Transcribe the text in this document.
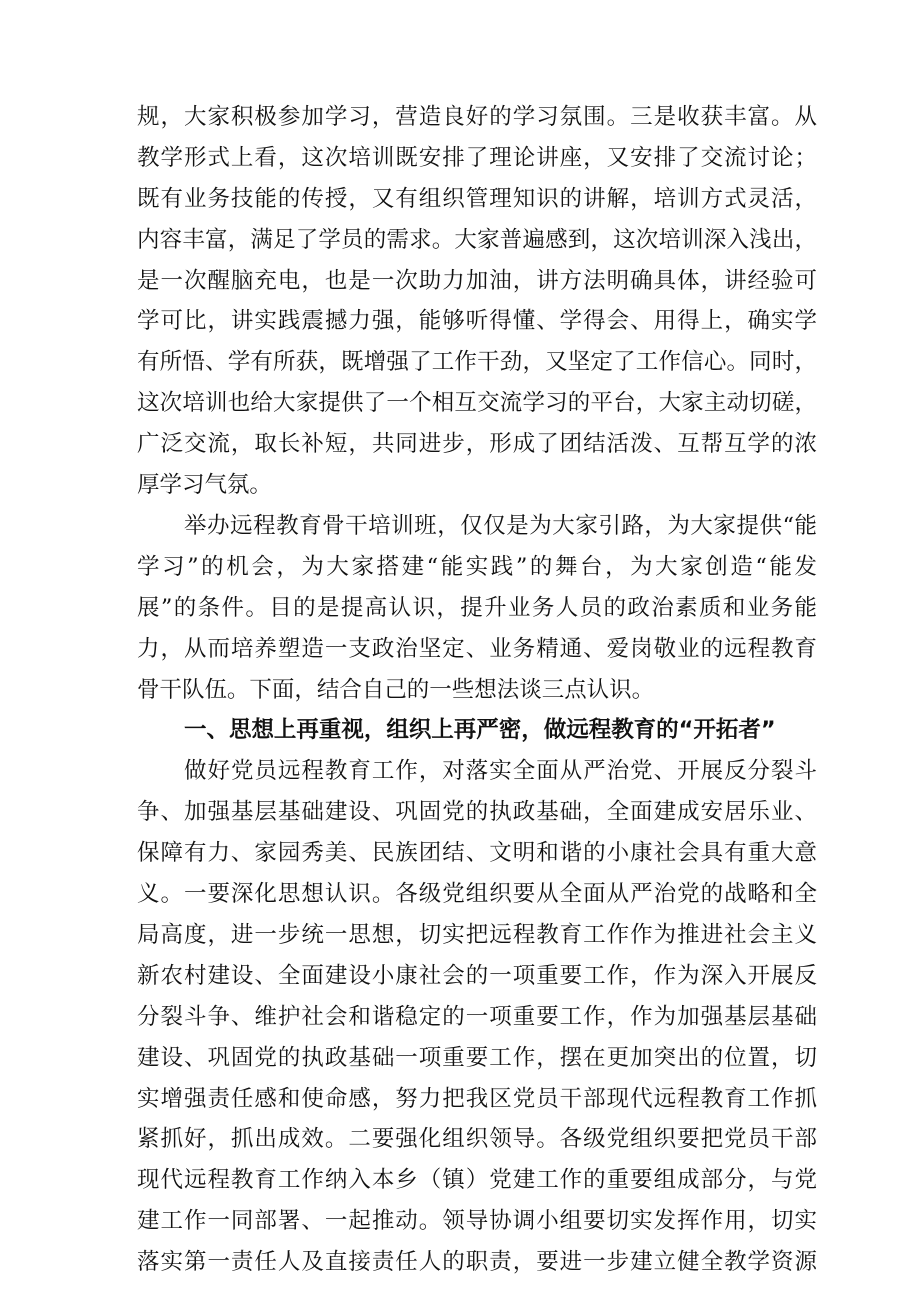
规，大家积极参加学习，营造良好的学习氛围。三是收获丰富。从
教学形式上看，这次培训既安排了理论讲座，又安排了交流讨论；
既有业务技能的传授，又有组织管理知识的讲解，培训方式灵活，
内容丰富，满足了学员的需求。大家普遍感到，这次培训深入浅出，
是一次醒脑充电，也是一次助力加油，讲方法明确具体，讲经验可
学可比，讲实践震撼力强，能够听得懂、学得会、用得上，确实学
有所悟、学有所获，既增强了工作干劲，又坚定了工作信心。同时，
这次培训也给大家提供了一个相互交流学习的平台，大家主动切磋，
广泛交流，取长补短，共同进步，形成了团结活泼、互帮互学的浓
厚学习气氛。
举办远程教育骨干培训班，仅仅是为大家引路，为大家提供“能
学习”的机会，为大家搭建“能实践”的舞台，为大家创造“能发
展”的条件。目的是提高认识，提升业务人员的政治素质和业务能
力，从而培养塑造一支政治坚定、业务精通、爱岗敬业的远程教育
骨干队伍。下面，结合自己的一些想法谈三点认识。
一、思想上再重视，组织上再严密，做远程教育的“开拓者”
做好党员远程教育工作，对落实全面从严治党、开展反分裂斗
争、加强基层基础建设、巩固党的执政基础，全面建成安居乐业、
保障有力、家园秀美、民族团结、文明和谐的小康社会具有重大意
义。一要深化思想认识。各级党组织要从全面从严治党的战略和全
局高度，进一步统一思想，切实把远程教育工作作为推进社会主义
新农村建设、全面建设小康社会的一项重要工作，作为深入开展反
分裂斗争、维护社会和谐稳定的一项重要工作，作为加强基层基础
建设、巩固党的执政基础一项重要工作，摆在更加突出的位置，切
实增强责任感和使命感，努力把我区党员干部现代远程教育工作抓
紧抓好，抓出成效。二要强化组织领导。各级党组织要把党员干部
现代远程教育工作纳入本乡（镇）党建工作的重要组成部分，与党
建工作一同部署、一起推动。领导协调小组要切实发挥作用，切实
落实第一责任人及直接责任人的职责，要进一步建立健全教学资源
